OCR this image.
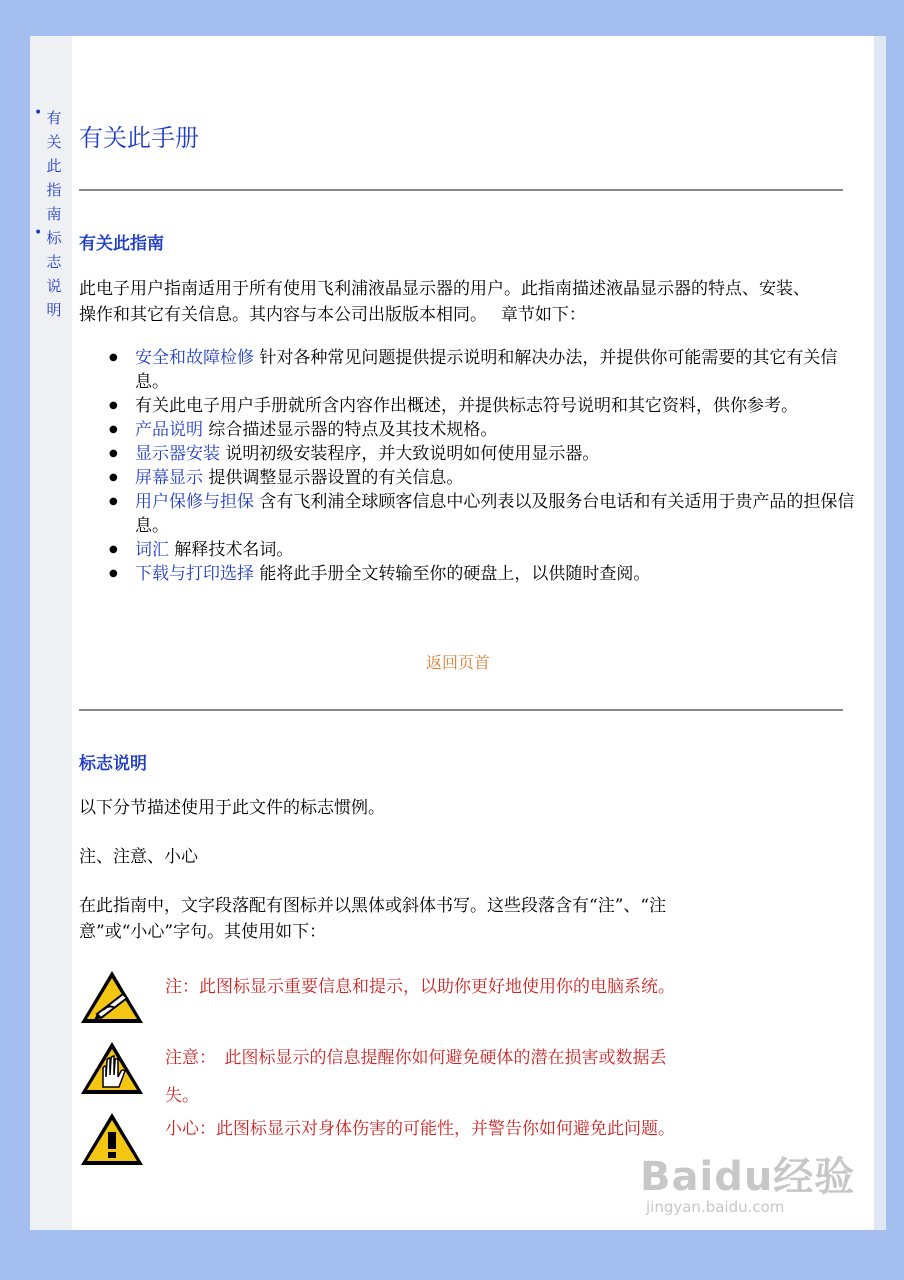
• 有关此指南
• 标志说明
有关此手册
有关此指南

此电子用户指南适用于所有使用飞利浦液晶显示器的用户。此指南描述液晶显示器的特点、安装、操作和其它有关信息。其内容与本公司出版版本相同。　 章节如下：

● 安全和故障检修 针对各种常见问题提供提示说明和解决办法，并提供你可能需要的其它有关信息。
● 有关此电子用户手册就所含内容作出概述，并提供标志符号说明和其它资料，供你参考。
● 产品说明 综合描述显示器的特点及其技术规格。
● 显示器安装 说明初级安装程序，并大致说明如何使用显示器。
● 屏幕显示 提供调整显示器设置的有关信息。
● 用户保修与担保 含有飞利浦全球顾客信息中心列表以及服务台电话和有关适用于贵产品的担保信息。
● 词汇 解释技术名词。
● 下载与打印选择 能将此手册全文转输至你的硬盘上，以供随时查阅。
返回页首
标志说明

以下分节描述使用于此文件的标志惯例。

注、注意、小心

在此指南中，文字段落配有图标并以黑体或斜体书写。这些段落含有“注”、“注意”或“小心”字句。其使用如下：

注：此图标显示重要信息和提示，以助你更好地使用你的电脑系统。
注意：　此图标显示的信息提醒你如何避免硬体的潜在损害或数据丢失。
小心：此图标显示对身体伤害的可能性，并警告你如何避免此问题。
Baidu经验
jingyan.baidu.com
